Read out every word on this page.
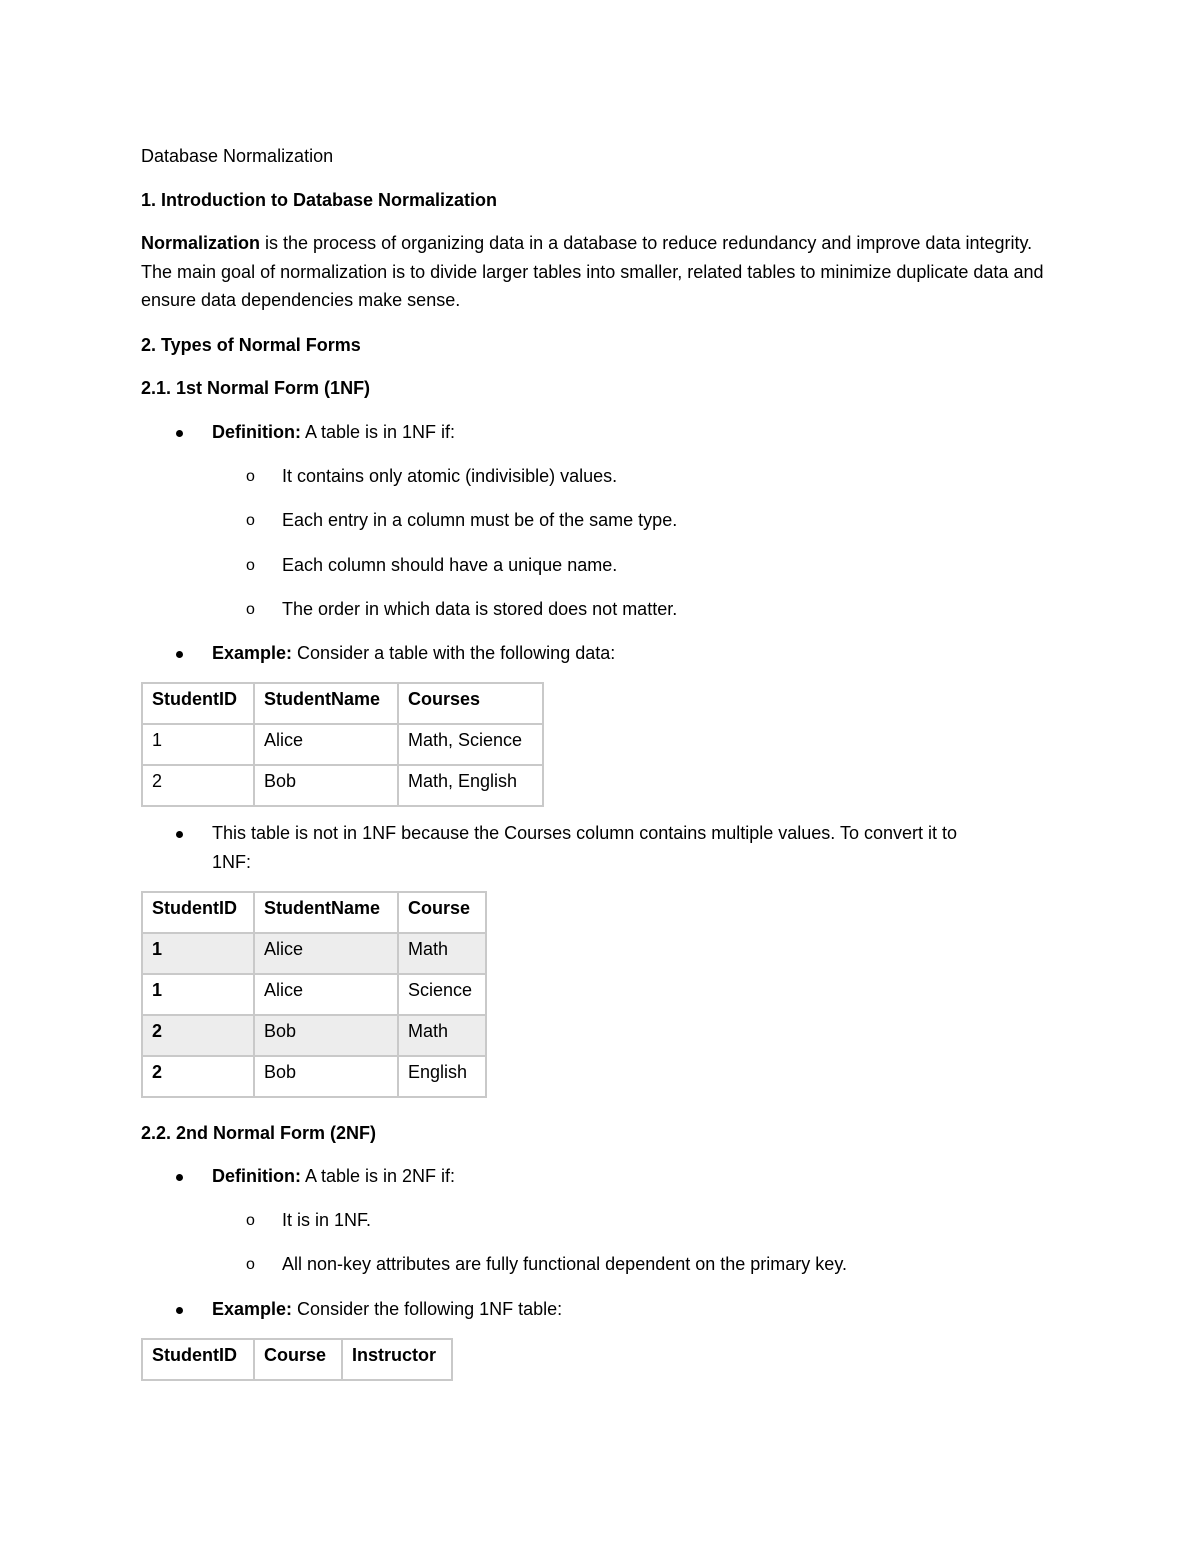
Database Normalization

1. Introduction to Database Normalization

Normalization is the process of organizing data in a database to reduce redundancy and improve data integrity. The main goal of normalization is to divide larger tables into smaller, related tables to minimize duplicate data and ensure data dependencies make sense.

2. Types of Normal Forms

2.1. 1st Normal Form (1NF)

Definition: A table is in 1NF if:
o It contains only atomic (indivisible) values.
o Each entry in a column must be of the same type.
o Each column should have a unique name.
o The order in which data is stored does not matter.
Example: Consider a table with the following data:
StudentID	StudentName	Courses
1	Alice	Math, Science
2	Bob	Math, English
This table is not in 1NF because the Courses column contains multiple values. To convert it to
1NF:
StudentID	StudentName	Course
1	Alice	Math
1	Alice	Science
2	Bob	Math
2	Bob	English

2.2. 2nd Normal Form (2NF)

Definition: A table is in 2NF if:
o It is in 1NF.
o All non-key attributes are fully functional dependent on the primary key.
Example: Consider the following 1NF table:
StudentID	Course	Instructor
